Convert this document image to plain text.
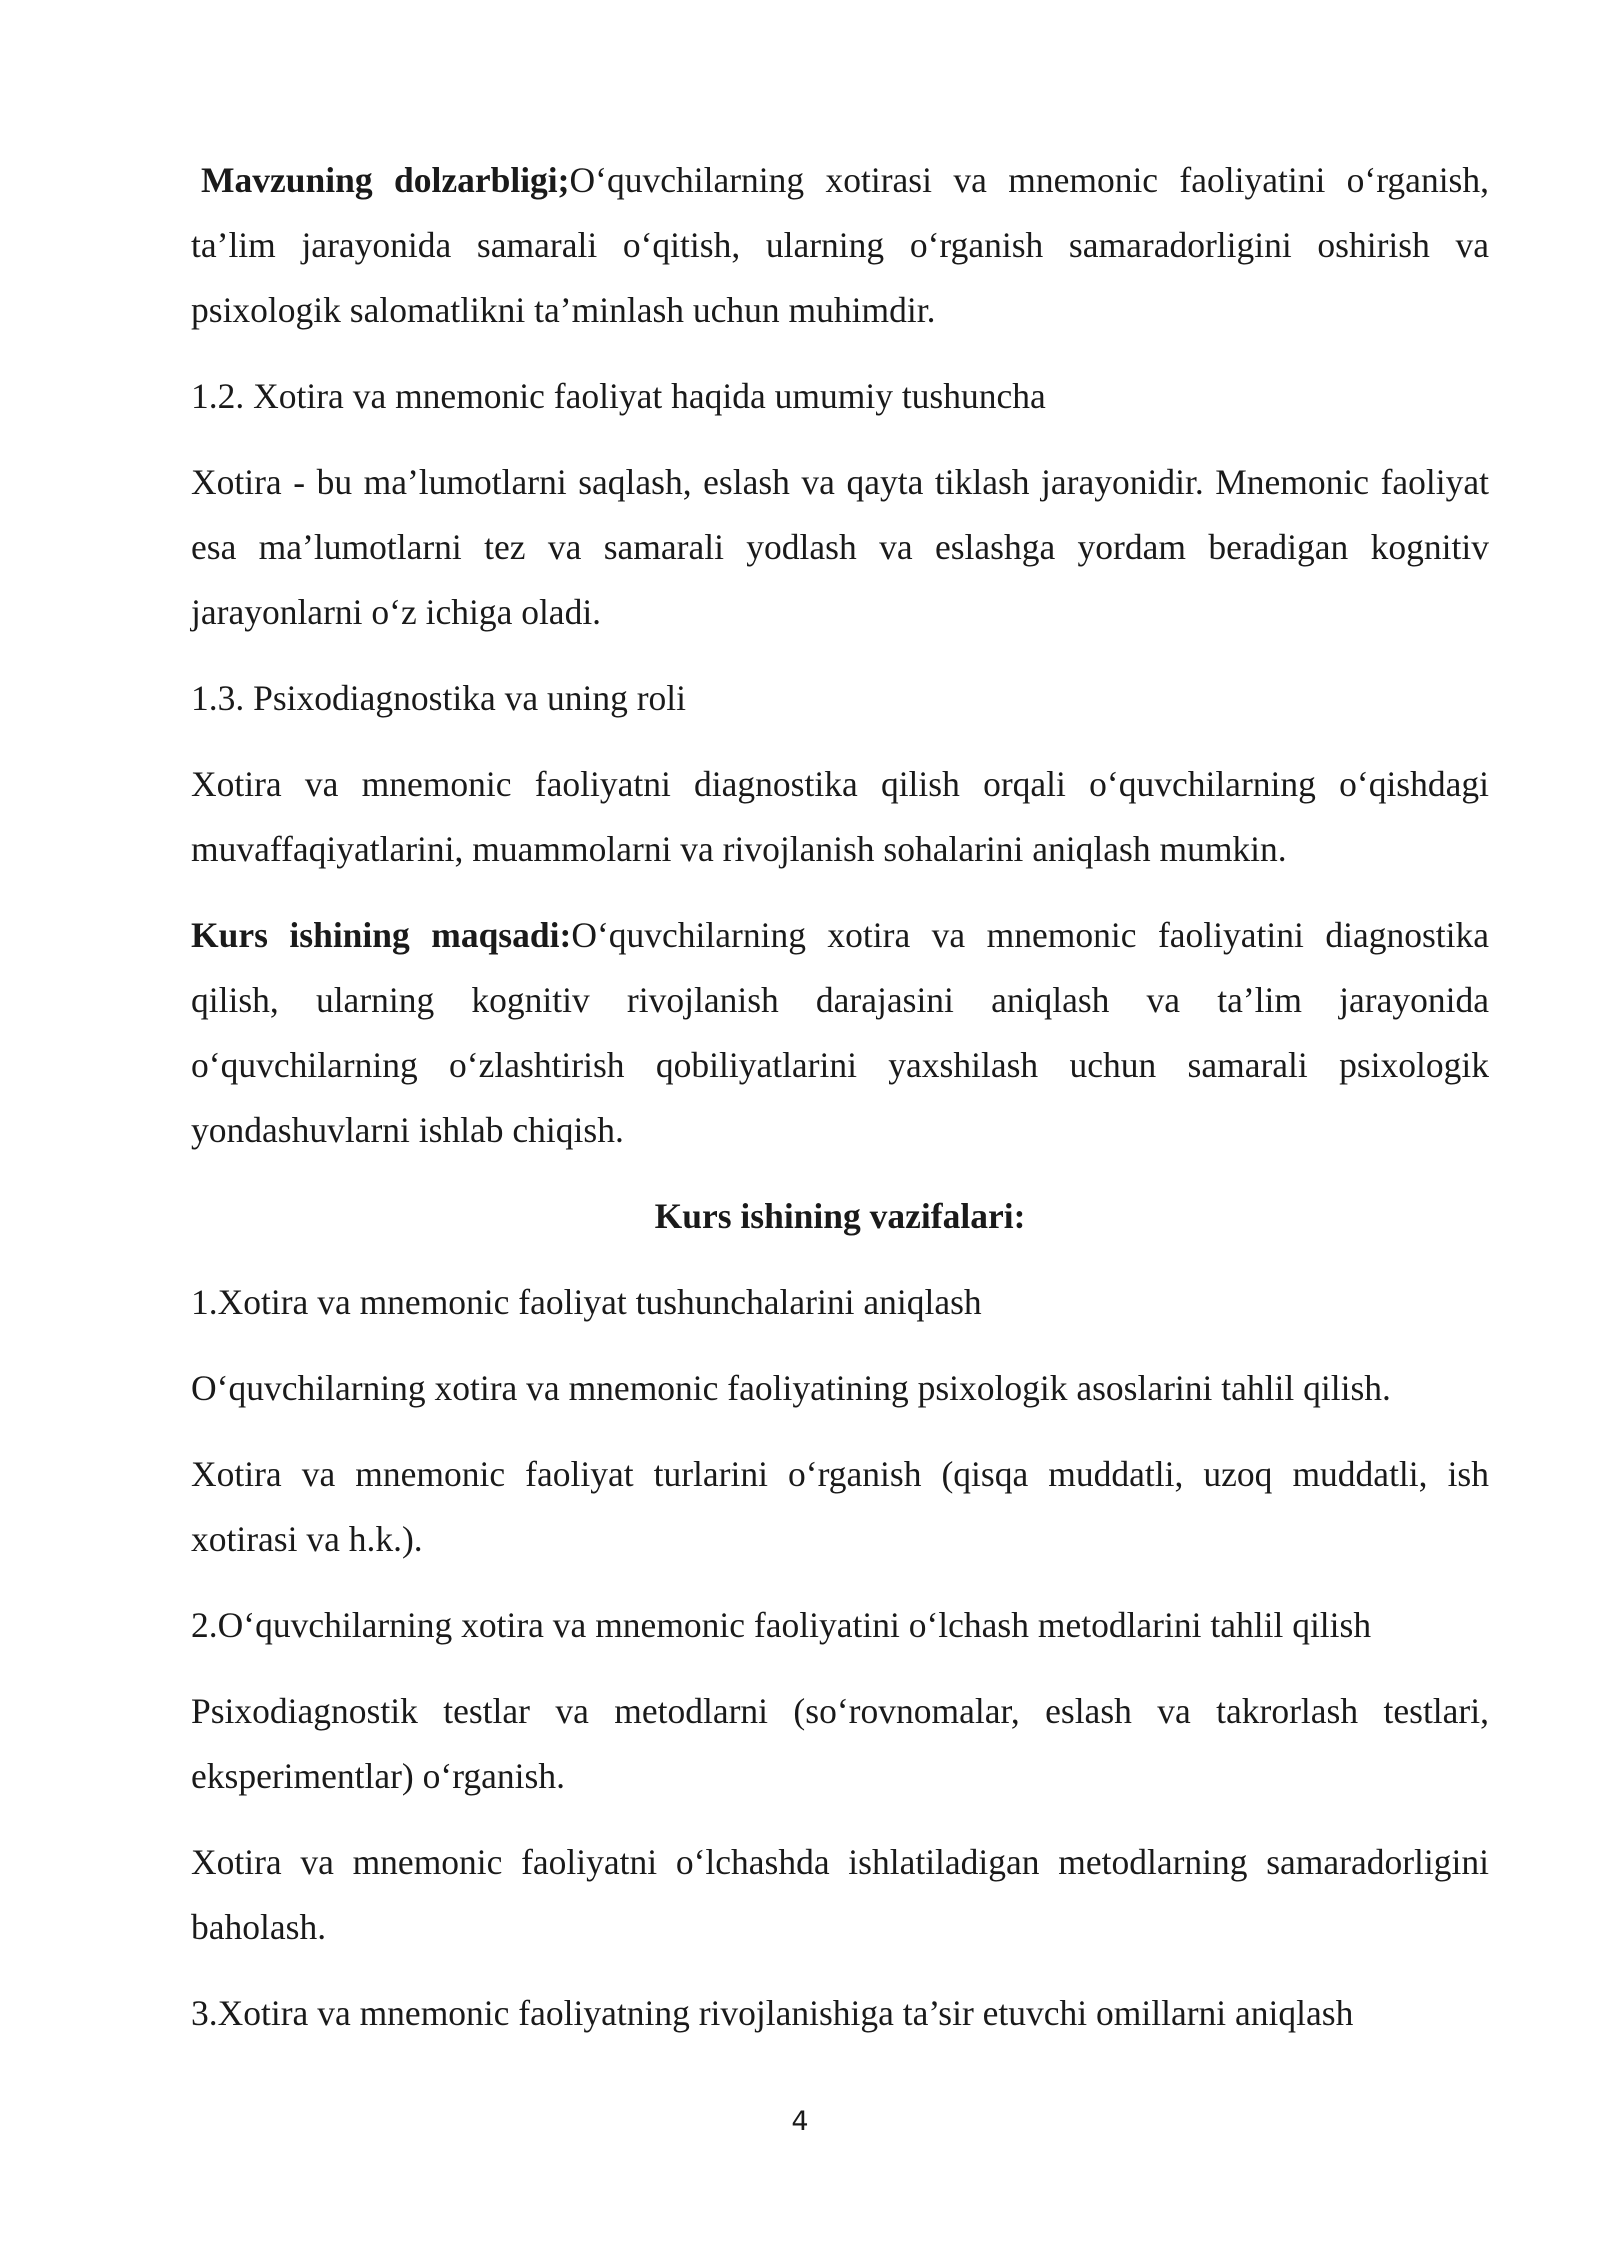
Mavzuning dolzarbligi;O‘quvchilarning xotirasi va mnemonic faoliyatini o‘rganish, ta’lim jarayonida samarali o‘qitish, ularning o‘rganish samaradorligini oshirish va psixologik salomatlikni ta’minlash uchun muhimdir.

1.2. Xotira va mnemonic faoliyat haqida umumiy tushuncha

Xotira - bu ma’lumotlarni saqlash, eslash va qayta tiklash jarayonidir. Mnemonic faoliyat esa ma’lumotlarni tez va samarali yodlash va eslashga yordam beradigan kognitiv jarayonlarni o‘z ichiga oladi.

1.3. Psixodiagnostika va uning roli

Xotira va mnemonic faoliyatni diagnostika qilish orqali o‘quvchilarning o‘qishdagi muvaffaqiyatlarini, muammolarni va rivojlanish sohalarini aniqlash mumkin.

Kurs ishining maqsadi:O‘quvchilarning xotira va mnemonic faoliyatini diagnostika qilish, ularning kognitiv rivojlanish darajasini aniqlash va ta’lim jarayonida o‘quvchilarning o‘zlashtirish qobiliyatlarini yaxshilash uchun samarali psixologik yondashuvlarni ishlab chiqish.

Kurs ishining vazifalari:

1.Xotira va mnemonic faoliyat tushunchalarini aniqlash

O‘quvchilarning xotira va mnemonic faoliyatining psixologik asoslarini tahlil qilish.

Xotira va mnemonic faoliyat turlarini o‘rganish (qisqa muddatli, uzoq muddatli, ish xotirasi va h.k.).

2.O‘quvchilarning xotira va mnemonic faoliyatini o‘lchash metodlarini tahlil qilish

Psixodiagnostik testlar va metodlarni (so‘rovnomalar, eslash va takrorlash testlari, eksperimentlar) o‘rganish.

Xotira va mnemonic faoliyatni o‘lchashda ishlatiladigan metodlarning samaradorligini baholash.

3.Xotira va mnemonic faoliyatning rivojlanishiga ta’sir etuvchi omillarni aniqlash

4
